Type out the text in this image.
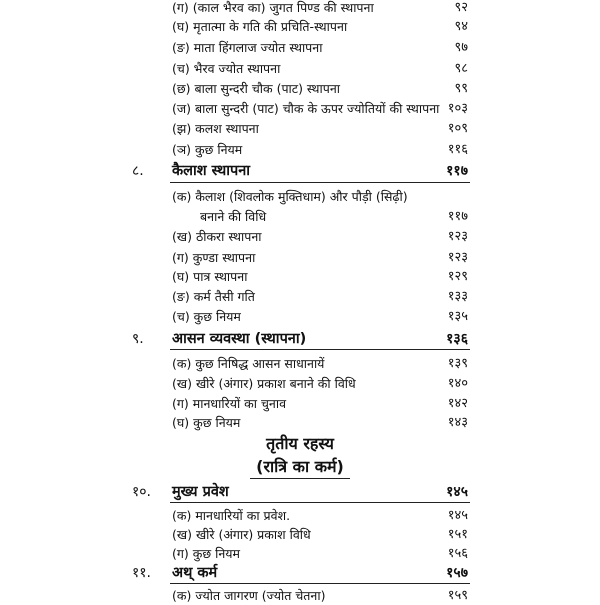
(ग) (काल भैरव का) जुगत पिण्ड की स्थापना	९२
(घ) मृतात्मा के गति की प्रचिति-स्थापना	९४
(ङ) माता हिंगलाज ज्योत स्थापना	९७
(च) भैरव ज्योत स्थापना	९८
(छ) बाला सुन्दरी चौक (पाट) स्थापना	९९
(ज) बाला सुन्दरी (पाट) चौक के ऊपर ज्योतियों की स्थापना १०३
(झ) कलश स्थापना	१०९
(ञ) कुछ नियम	११६
८. कैलाश स्थापना	११७
(क) कैलाश (शिवलोक मुक्तिधाम) और पौड़ी (सिढ़ी)
बनाने की विधि	११७
(ख) ठीकरा स्थापना	१२३
(ग) कुण्डा स्थापना	१२३
(घ) पात्र स्थापना	१२९
(ङ) कर्म तैसी गति	१३३
(च) कुछ नियम	१३५
९. आसन व्यवस्था (स्थापना)	१३६
(क) कुछ निषिद्ध आसन साधानायें	१३९
(ख) खीरे (अंगार) प्रकाश बनाने की विधि	१४०
(ग) मानधारियों का चुनाव	१४२
(घ) कुछ नियम	१४३
तृतीय रहस्य
(रात्रि का कर्म)
१०. मुख्य प्रवेश	१४५
(क) मानधारियों का प्रवेश.	१४५
(ख) खीरे (अंगार) प्रकाश विधि	१५१
(ग) कुछ नियम	१५६
११. अथ् कर्म	१५७
(क) ज्योत जागरण (ज्योत चेतना)	१५९
